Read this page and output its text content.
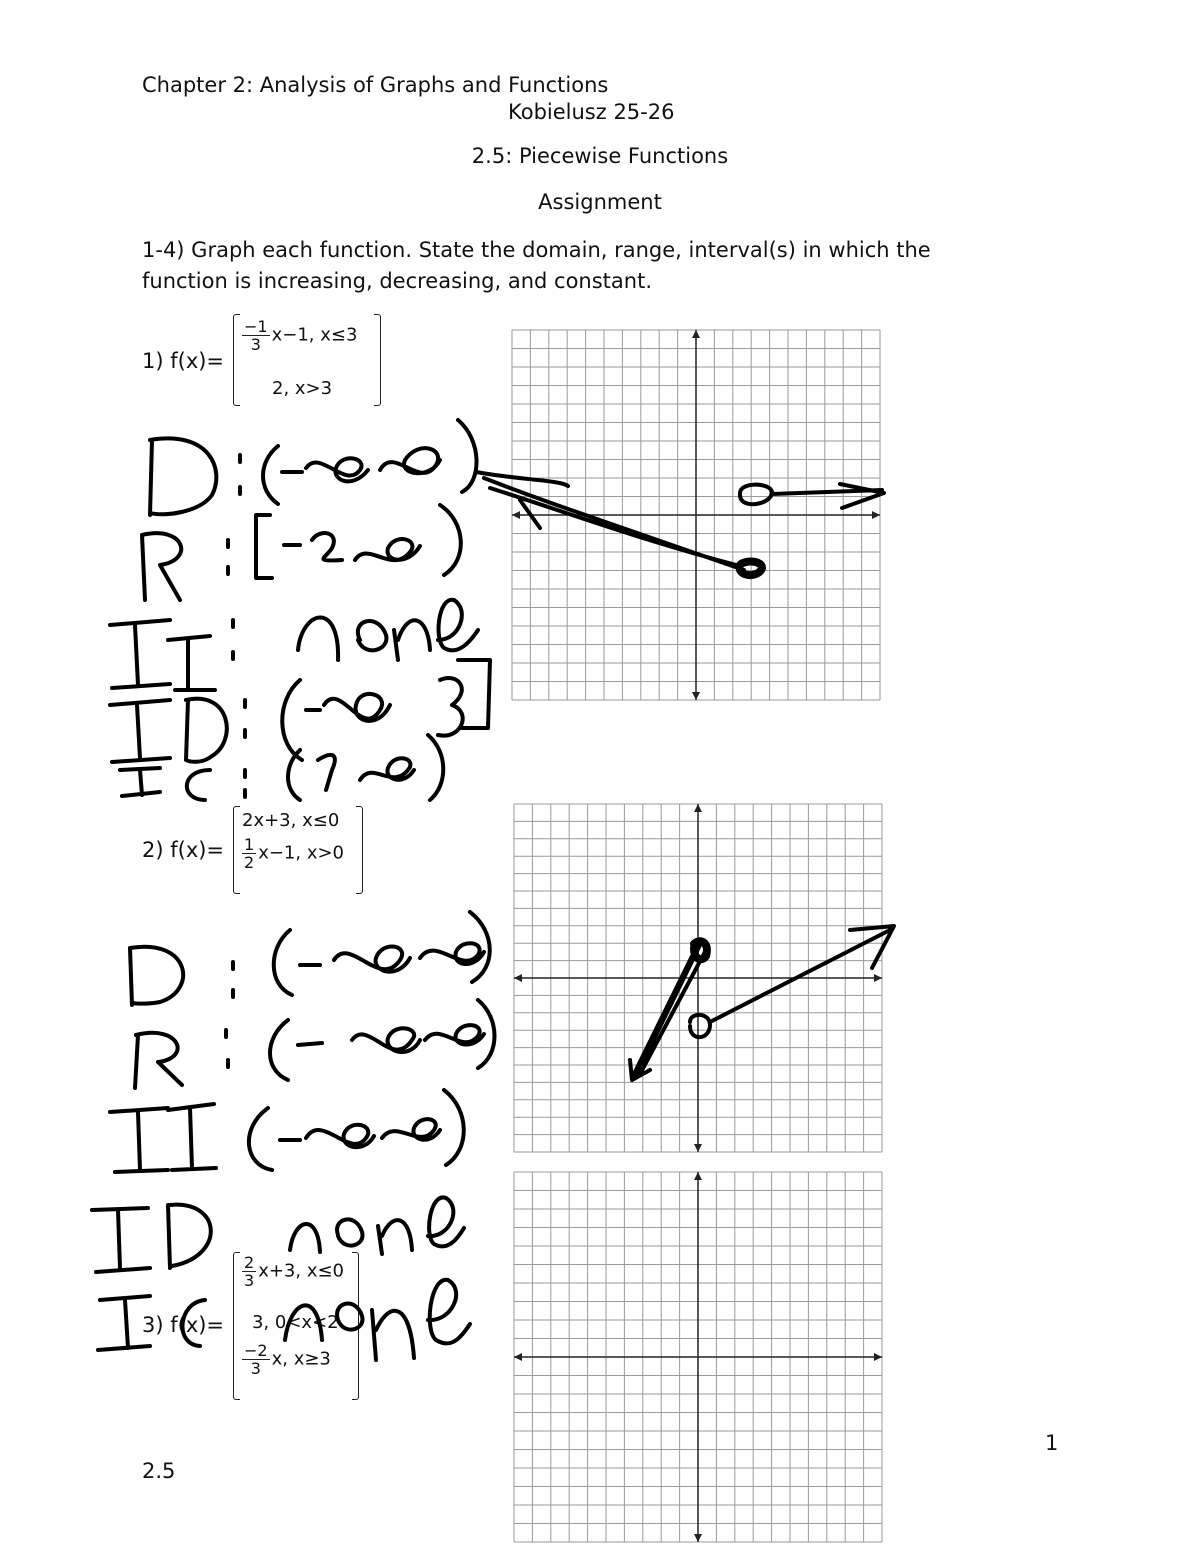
Chapter 2: Analysis of Graphs and Functions
Kobielusz 25-26
2.5: Piecewise Functions
Assignment
1-4) Graph each function. State the domain, range, interval(s) in which the
function is increasing, decreasing, and constant.
1) f(x)=
$\frac{-1}{3} x-1$, x≤3
2, x>3
2) f(x)=
2x+3, x≤0
$\frac{1}{2} x-1$, x>0
3) f(x)=
$\frac{2}{3} x+3$, x≤0
3, 0<x<2
$\frac{-2}{3} x$, x≥3
2.5
1
